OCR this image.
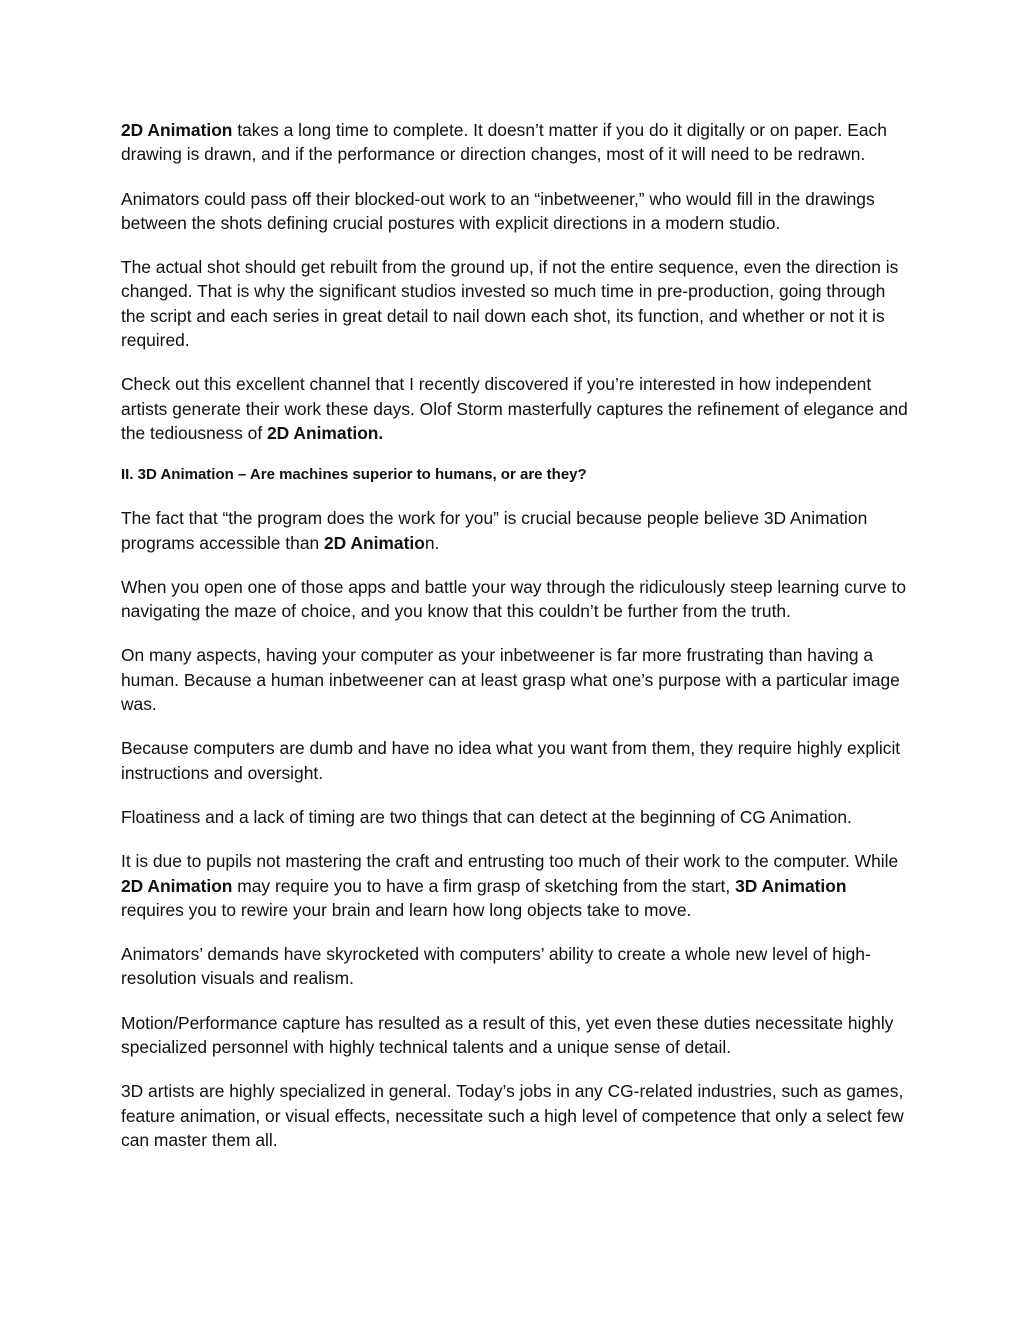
2D Animation takes a long time to complete. It doesn’t matter if you do it digitally or on paper. Each drawing is drawn, and if the performance or direction changes, most of it will need to be redrawn.
Animators could pass off their blocked-out work to an “inbetweener,” who would fill in the drawings between the shots defining crucial postures with explicit directions in a modern studio.
The actual shot should get rebuilt from the ground up, if not the entire sequence, even the direction is changed. That is why the significant studios invested so much time in pre-production, going through the script and each series in great detail to nail down each shot, its function, and whether or not it is required.
Check out this excellent channel that I recently discovered if you’re interested in how independent artists generate their work these days. Olof Storm masterfully captures the refinement of elegance and the tediousness of 2D Animation.
II. 3D Animation – Are machines superior to humans, or are they?
The fact that “the program does the work for you” is crucial because people believe 3D Animation programs accessible than 2D Animation.
When you open one of those apps and battle your way through the ridiculously steep learning curve to navigating the maze of choice, and you know that this couldn’t be further from the truth.
On many aspects, having your computer as your inbetweener is far more frustrating than having a human. Because a human inbetweener can at least grasp what one’s purpose with a particular image was.
Because computers are dumb and have no idea what you want from them, they require highly explicit instructions and oversight.
Floatiness and a lack of timing are two things that can detect at the beginning of CG Animation.
It is due to pupils not mastering the craft and entrusting too much of their work to the computer. While 2D Animation may require you to have a firm grasp of sketching from the start, 3D Animation requires you to rewire your brain and learn how long objects take to move.
Animators’ demands have skyrocketed with computers’ ability to create a whole new level of high-resolution visuals and realism.
Motion/Performance capture has resulted as a result of this, yet even these duties necessitate highly specialized personnel with highly technical talents and a unique sense of detail.
3D artists are highly specialized in general. Today’s jobs in any CG-related industries, such as games, feature animation, or visual effects, necessitate such a high level of competence that only a select few can master them all.
